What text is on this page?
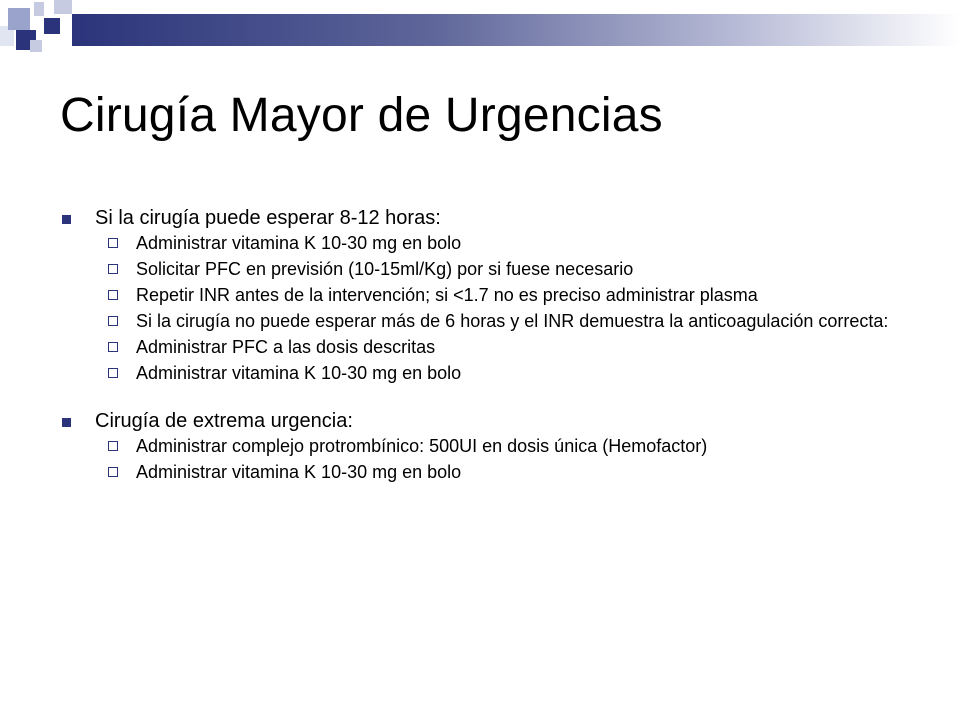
Cirugía Mayor de Urgencias

Si la cirugía puede esperar 8-12 horas:

Administrar vitamina K 10-30 mg en bolo
Solicitar PFC en previsión (10-15ml/Kg) por si fuese necesario
Repetir INR antes de la intervención; si <1.7 no es preciso administrar plasma
Si la cirugía no puede esperar más de 6 horas y el INR demuestra la anticoagulación correcta:
Administrar PFC a las dosis descritas
Administrar vitamina K 10-30 mg en bolo

Cirugía de extrema urgencia:

Administrar complejo protrombínico: 500UI en dosis única (Hemofactor)
Administrar vitamina K 10-30 mg en bolo
